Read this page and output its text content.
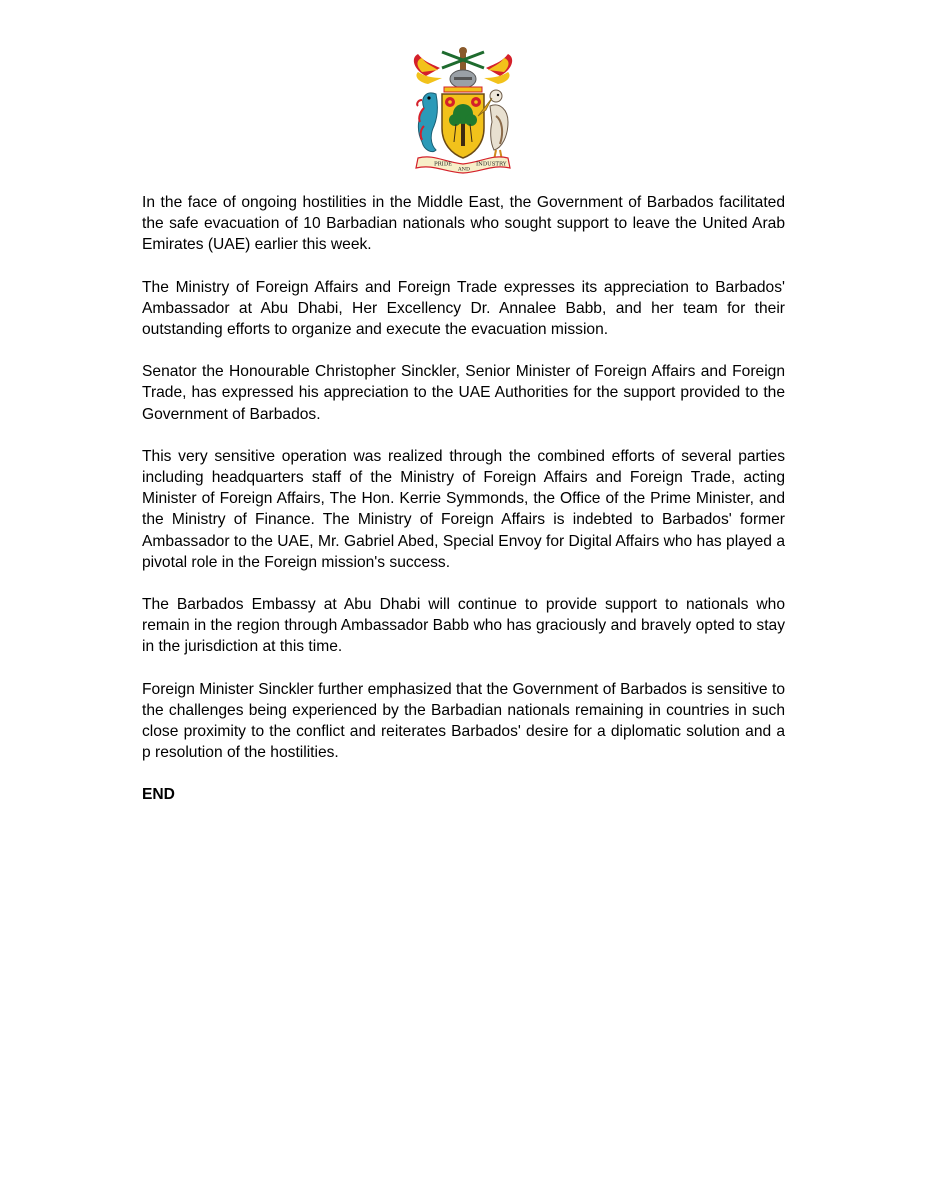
PRIDE
AND
INDUSTRY

In the face of ongoing hostilities in the Middle East, the Government of Barbados facilitated the safe evacuation of 10 Barbadian nationals who sought support to leave the United Arab Emirates (UAE) earlier this week.

The Ministry of Foreign Affairs and Foreign Trade expresses its appreciation to Barbados' Ambassador at Abu Dhabi, Her Excellency Dr. Annalee Babb, and her team for their outstanding efforts to organize and execute the evacuation mission.

Senator the Honourable Christopher Sinckler, Senior Minister of Foreign Affairs and Foreign Trade, has expressed his appreciation to the UAE Authorities for the support provided to the Government of Barbados.

This very sensitive operation was realized through the combined efforts of several parties including headquarters staff of the Ministry of Foreign Affairs and Foreign Trade, acting Minister of Foreign Affairs, The Hon. Kerrie Symmonds, the Office of the Prime Minister, and the Ministry of Finance. The Ministry of Foreign Affairs is indebted to Barbados' former Ambassador to the UAE, Mr. Gabriel Abed, Special Envoy for Digital Affairs who has played a pivotal role in the Foreign mission's success.

The Barbados Embassy at Abu Dhabi will continue to provide support to nationals who remain in the region through Ambassador Babb who has graciously and bravely opted to stay in the jurisdiction at this time.

Foreign Minister Sinckler further emphasized that the Government of Barbados is sensitive to the challenges being experienced by the Barbadian nationals remaining in countries in such close proximity to the conflict and reiterates Barbados' desire for a diplomatic solution and a p resolution of the hostilities.

END
